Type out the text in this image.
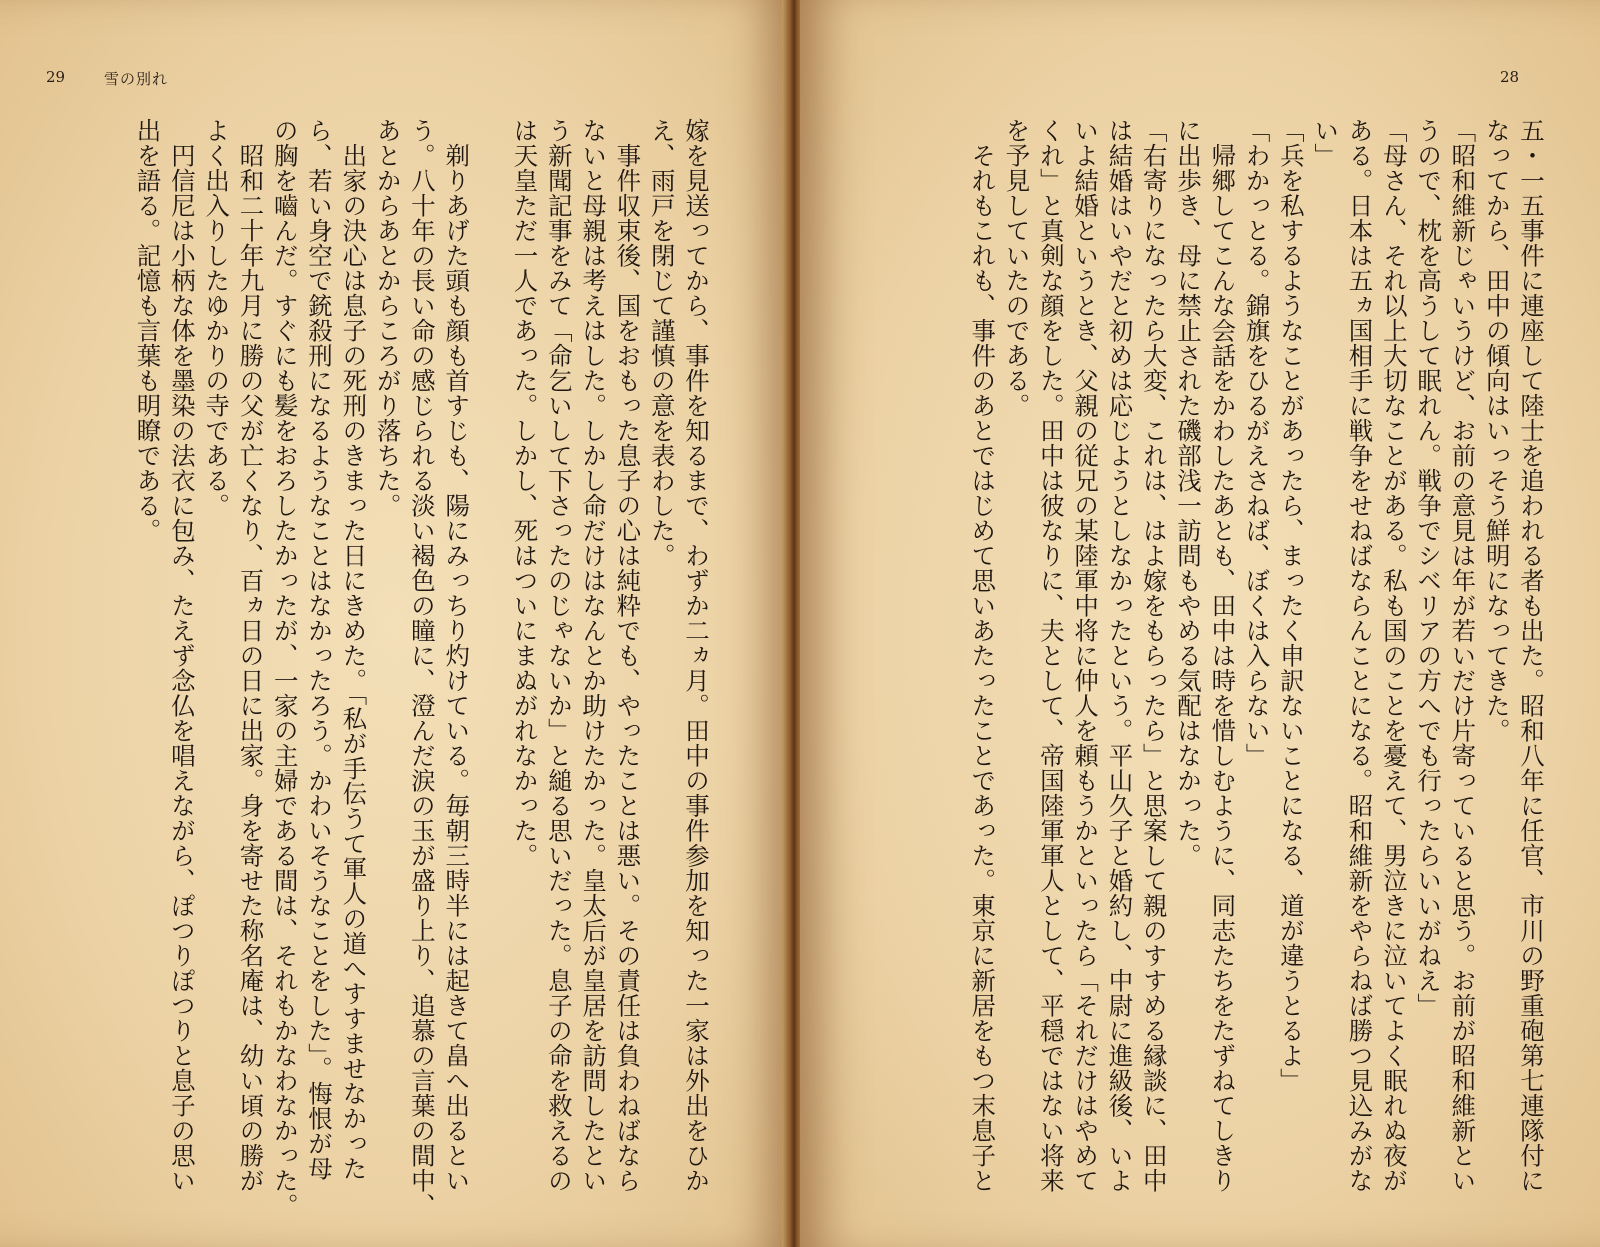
29	雪の別れ
嫁を見送ってから、事件を知るまで、わずか二ヵ月。田中の事件参加を知った一家は外出をひか
え、雨戸を閉じて謹慎の意を表わした。
　事件収束後、国をおもった息子の心は純粋でも、やったことは悪い。その責任は負わねばなら
ないと母親は考えはした。しかし命だけはなんとか助けたかった。皇太后が皇居を訪問したとい
う新聞記事をみて「命乞いして下さったのじゃないか」と縋る思いだった。息子の命を救えるの
は天皇ただ一人であった。しかし、死はついにまぬがれなかった。
　剃りあげた頭も顔も首すじも、陽にみっちり灼けている。毎朝三時半には起きて畠へ出るとい
う。八十年の長い命の感じられる淡い褐色の瞳に、澄んだ涙の玉が盛り上り、追慕の言葉の間中、
あとからあとからころがり落ちた。
　出家の決心は息子の死刑のきまった日にきめた。「私が手伝うて軍人の道へすすませなかった
ら、若い身空で銃殺刑になるようなことはなかったろう。かわいそうなことをした」。悔恨が母
の胸を嚙んだ。すぐにも髪をおろしたかったが、一家の主婦である間は、それもかなわなかった。
　昭和二十年九月に勝の父が亡くなり、百ヵ日の日に出家。身を寄せた称名庵は、幼い頃の勝が
よく出入りしたゆかりの寺である。
　円信尼は小柄な体を墨染の法衣に包み、たえず念仏を唱えながら、ぽつりぽつりと息子の思い
出を語る。記憶も言葉も明瞭である。
28
五・一五事件に連座して陸士を追われる者も出た。昭和八年に任官、市川の野重砲第七連隊付に
なってから、田中の傾向はいっそう鮮明になってきた。
「昭和維新じゃいうけど、お前の意見は年が若いだけ片寄っていると思う。お前が昭和維新とい
うので、枕を高うして眠れん。戦争でシベリアの方へでも行ったらいいがねえ」
「母さん、それ以上大切なことがある。私も国のことを憂えて、男泣きに泣いてよく眠れぬ夜が
ある。日本は五ヵ国相手に戦争をせねばならんことになる。昭和維新をやらねば勝つ見込みがな
い」
「兵を私するようなことがあったら、まったく申訳ないことになる、道が違うとるよ」
「わかっとる。錦旗をひるがえさねば、ぼくは入らない」
　帰郷してこんな会話をかわしたあとも、田中は時を惜しむように、同志たちをたずねてしきり
に出歩き、母に禁止された磯部浅一訪問もやめる気配はなかった。
「右寄りになったら大変、これは、はよ嫁をもらったら」と思案して親のすすめる縁談に、田中
は結婚はいやだと初めは応じようとしなかったという。平山久子と婚約し、中尉に進級後、いよ
いよ結婚というとき、父親の従兄の某陸軍中将に仲人を頼もうかといったら「それだけはやめて
くれ」と真剣な顔をした。田中は彼なりに、夫として、帝国陸軍軍人として、平穏ではない将来
を予見していたのである。
　それもこれも、事件のあとではじめて思いあたったことであった。東京に新居をもつ末息子と
